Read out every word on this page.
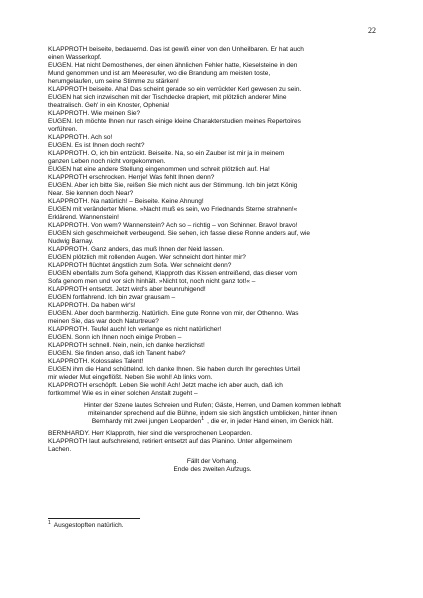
22
KLAPPROTH beiseite, bedauernd. Das ist gewiß einer von den Unheilbaren. Er hat auch
einen Wasserkopf.
EUGEN. Hat nicht Demosthenes, der einen ähnlichen Fehler hatte, Kieselsteine in den
Mund genommen und ist am Meeresufer, wo die Brandung am meisten toste,
herumgelaufen, um seine Stimme zu stärken!
KLAPPROTH beiseite. Aha! Das scheint gerade so ein verrückter Kerl gewesen zu sein.
EUGEN hat sich inzwischen mit der Tischdecke drapiert, mit plötzlich anderer Mine
theatralisch. Geh' in ein Knoster, Ophenia!
KLAPPROTH. Wie meinen Sie?
EUGEN. Ich möchte Ihnen nur rasch einige kleine Charakterstudien meines Repertoires
vorführen.
KLAPPROTH. Ach so!
EUGEN. Es ist Ihnen doch recht?
KLAPPROTH. O, ich bin entzückt. Beiseite. Na, so ein Zauber ist mir ja in meinem
ganzen Leben noch nicht vorgekommen.
EUGEN hat eine andere Stellung eingenommen und schreit plötzlich auf. Ha!
KLAPPROTH erschrocken. Herrje! Was fehlt Ihnen denn?
EUGEN. Aber ich bitte Sie, reißen Sie mich nicht aus der Stimmung. Ich bin jetzt König
Near. Sie kennen doch Near?
KLAPPROTH. Na natürlich! – Beiseite. Keine Ahnung!
EUGEN mit veränderter Miene. »Nacht muß es sein, wo Friednands Sterne strahnen!«
Erklärend. Wannenstein!
KLAPPROTH. Von wem? Wannenstein? Ach so – richtig – von Schinner. Bravo! bravo!
EUGEN sich geschmeichelt verbeugend. Sie sehen, ich fasse diese Ronne anders auf, wie
Nudwig Barnay.
KLAPPROTH. Ganz anders, das muß Ihnen der Neid lassen.
EUGEN plötzlich mit rollenden Augen. Wer schneicht dort hinter mir?
KLAPPROTH flüchtet ängstlich zum Sofa. Wer schneicht denn?
EUGEN ebenfalls zum Sofa gehend, Klapproth das Kissen entreißend, das dieser vom
Sofa genom men und vor sich hinhält. »Nicht tot, noch nicht ganz tot!« –
KLAPPROTH entsetzt. Jetzt wird's aber beunruhigend!
EUGEN fortfahrend. Ich bin zwar grausam –
KLAPPROTH. Da haben wir's!
EUGEN. Aber doch barmherzig. Natürlich. Eine gute Ronne von mir, der Othenno. Was
meinen Sie, das war doch Naturtreue?
KLAPPROTH. Teufel auch! Ich verlange es nicht natürlicher!
EUGEN. Sonn ich Ihnen noch einige Proben –
KLAPPROTH schnell. Nein, nein, ich danke herzlichst!
EUGEN. Sie finden anso, daß ich Tanent habe?
KLAPPROTH. Kolossales Talent!
EUGEN ihm die Hand schüttelnd. Ich danke Ihnen. Sie haben durch Ihr gerechtes Urteil
mir wieder Mut eingeflößt. Neben Sie wohl! Ab links vorn.
KLAPPROTH erschöpft. Leben Sie wohl! Ach! Jetzt mache ich aber auch, daß ich
fortkomme! Wie es in einer solchen Anstalt zugeht –
Hinter der Szene lautes Schreien und Rufen; Gäste, Herren, und Damen kommen lebhaft
miteinander sprechend auf die Bühne, indem sie sich ängstlich umblicken, hinter ihnen
Bernhardy mit zwei jungen Leoparden$^1$ , die er, in jeder Hand einen, im Genick hält.
BERNHARDY. Herr Klapproth, hier sind die versprochenen Leoparden.
KLAPPROTH laut aufschreiend, retiriert entsetzt auf das Pianino. Unter allgemeinem
Lachen.
Fällt der Vorhang.
Ende des zweiten Aufzugs.
$^1$ Ausgestopften natürlich.
